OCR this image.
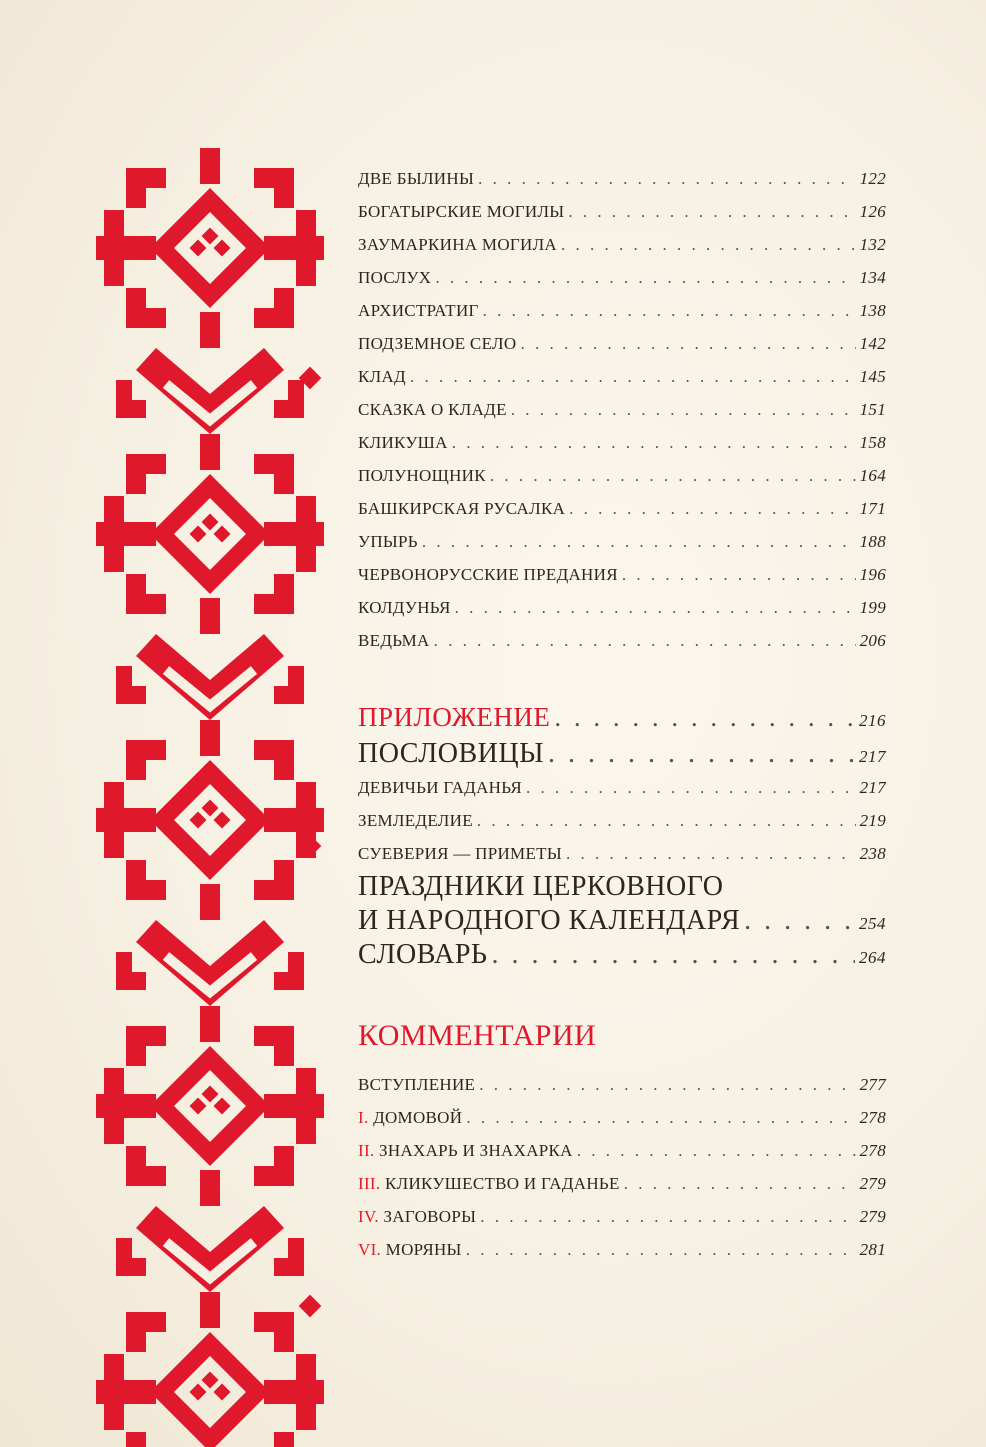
ДВЕ БЫЛИНЫ . . .	122
БОГАТЫРСКИЕ МОГИЛЫ . . .	126
ЗАУМАРКИНА МОГИЛА . . .	132
ПОСЛУХ . . .	134
АРХИСТРАТИГ . . .	138
ПОДЗЕМНОЕ СЕЛО . . .	142
КЛАД . . .	145
СКАЗКА О КЛАДЕ . . .	151
КЛИКУША . . .	158
ПОЛУНОЩНИК . . .	164
БАШКИРСКАЯ РУСАЛКА . . .	171
УПЫРЬ . . .	188
ЧЕРВОНОРУССКИЕ ПРЕДАНИЯ . . .	196
КОЛДУНЬЯ . . .	199
ВЕДЬМА . . .	206
ПРИЛОЖЕНИЕ . . .	216
ПОСЛОВИЦЫ . . .	217
ДЕВИЧЬИ ГАДАНЬЯ . . .	217
ЗЕМЛЕДЕЛИЕ . . .	219
СУЕВЕРИЯ — ПРИМЕТЫ . . .	238
ПРАЗДНИКИ ЦЕРКОВНОГО
И НАРОДНОГО КАЛЕНДАРЯ . . .	254
СЛОВАРЬ . . .	264
КОММЕНТАРИИ
ВСТУПЛЕНИЕ . . .	277
I. ДОМОВОЙ . . .	278
II. ЗНАХАРЬ И ЗНАХАРКА . . .	278
III. КЛИКУШЕСТВО И ГАДАНЬЕ . . .	279
IV. ЗАГОВОРЫ . . .	279
VI. МОРЯНЫ . . .	281
